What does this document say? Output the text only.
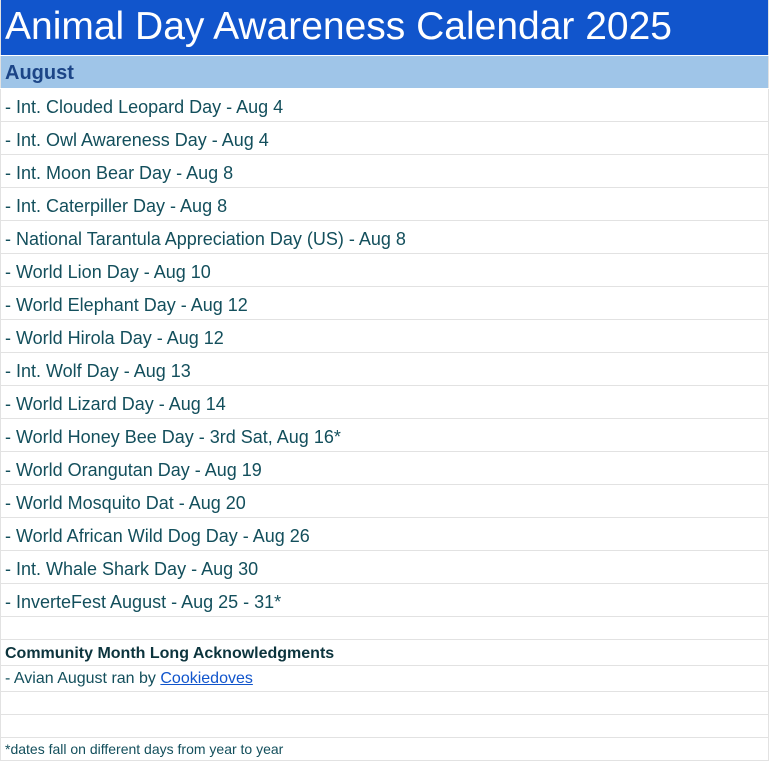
Animal Day Awareness Calendar 2025
August
- Int. Clouded Leopard Day - Aug 4
- Int. Owl Awareness Day - Aug 4
- Int. Moon Bear Day - Aug 8
- Int. Caterpiller Day - Aug 8
- National Tarantula Appreciation Day (US) - Aug 8
- World Lion Day - Aug 10
- World Elephant Day - Aug 12
- World Hirola Day - Aug 12
- Int. Wolf Day - Aug 13
- World Lizard Day - Aug 14
- World Honey Bee Day - 3rd Sat, Aug 16*
- World Orangutan Day - Aug 19
- World Mosquito Dat - Aug 20
- World African Wild Dog Day - Aug 26
- Int. Whale Shark Day - Aug 30
- InverteFest August - Aug 25 - 31*
Community Month Long Acknowledgments
- Avian August ran by Cookiedoves
*dates fall on different days from year to year
